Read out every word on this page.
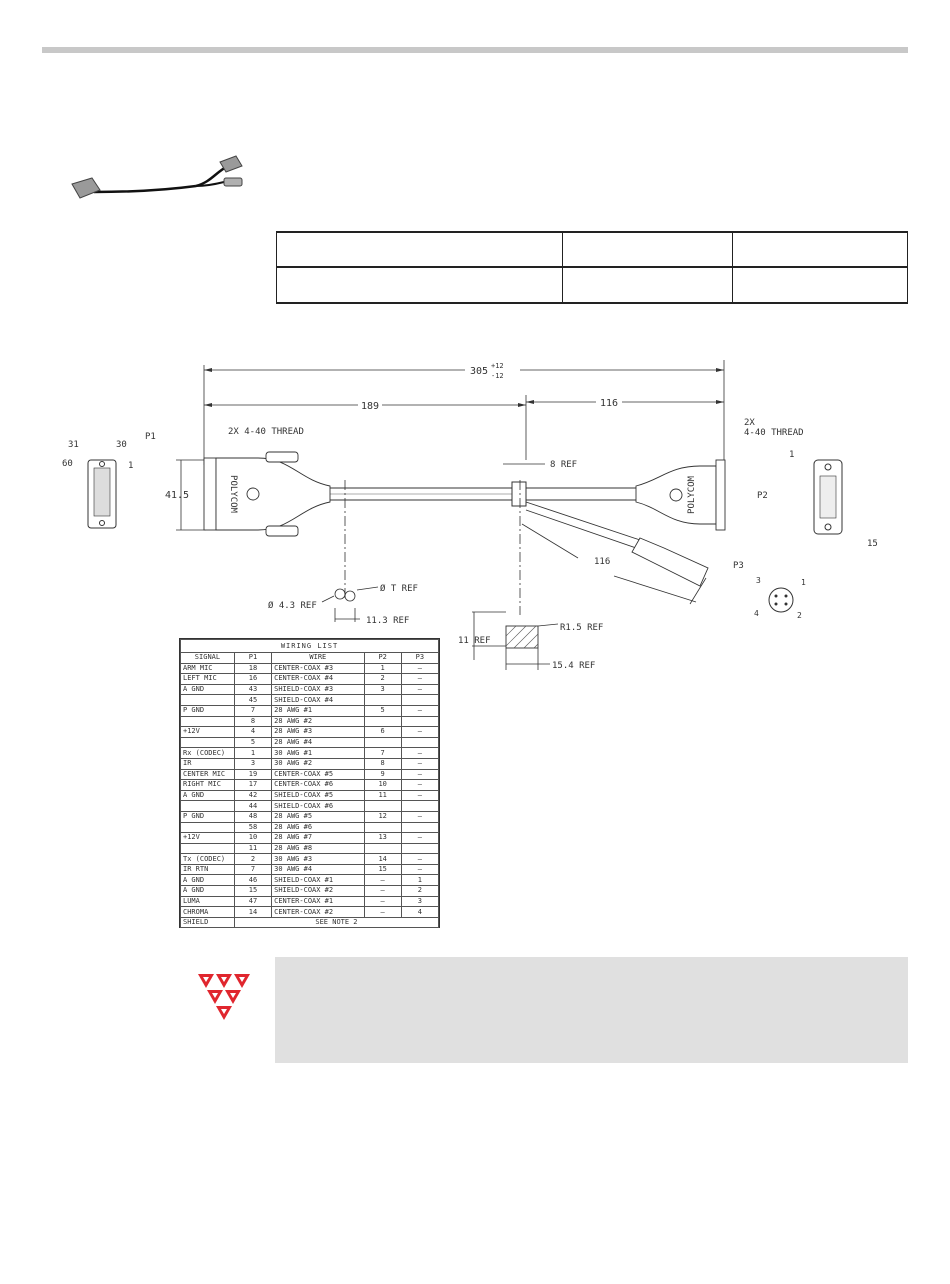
305 +12
-12
189	116
2X 4-40 THREAD
2X
4-40 THREAD
8 REF
41.5
P1
P2
P3
31	30
60	1
1
15
116
3	1
4	2
POLYCOM	POLYCOM
Ø T REF
Ø 4.3 REF
11.3 REF
11 REF
R1.5 REF
15.4 REF
WIRING LIST				
SIGNAL	P1	WIRE	P2	P3
ARM MIC	18	CENTER-COAX #3	1	—
LEFT MIC	16	CENTER-COAX #4	2	—
A GND	43	SHIELD-COAX #3	3	—
	45	SHIELD-COAX #4		
P GND	7	28 AWG #1	5	—
	8	28 AWG #2		
+12V	4	28 AWG #3	6	—
	5	28 AWG #4		
Rx (CODEC)	1	30 AWG #1	7	—
IR	3	30 AWG #2	8	—
CENTER MIC	19	CENTER-COAX #5	9	—
RIGHT MIC	17	CENTER-COAX #6	10	—
A GND	42	SHIELD-COAX #5	11	—
	44	SHIELD-COAX #6		
P GND	48	28 AWG #5	12	—
	58	28 AWG #6		
+12V	10	28 AWG #7	13	—
	11	28 AWG #8		
Tx (CODEC)	2	30 AWG #3	14	—
IR RTN	7	30 AWG #4	15	—
A GND	46	SHIELD-COAX #1	—	1
A GND	15	SHIELD-COAX #2	—	2
LUMA	47	CENTER-COAX #1	—	3
CHROMA	14	CENTER-COAX #2	—	4
SHIELD	SEE NOTE 2			
